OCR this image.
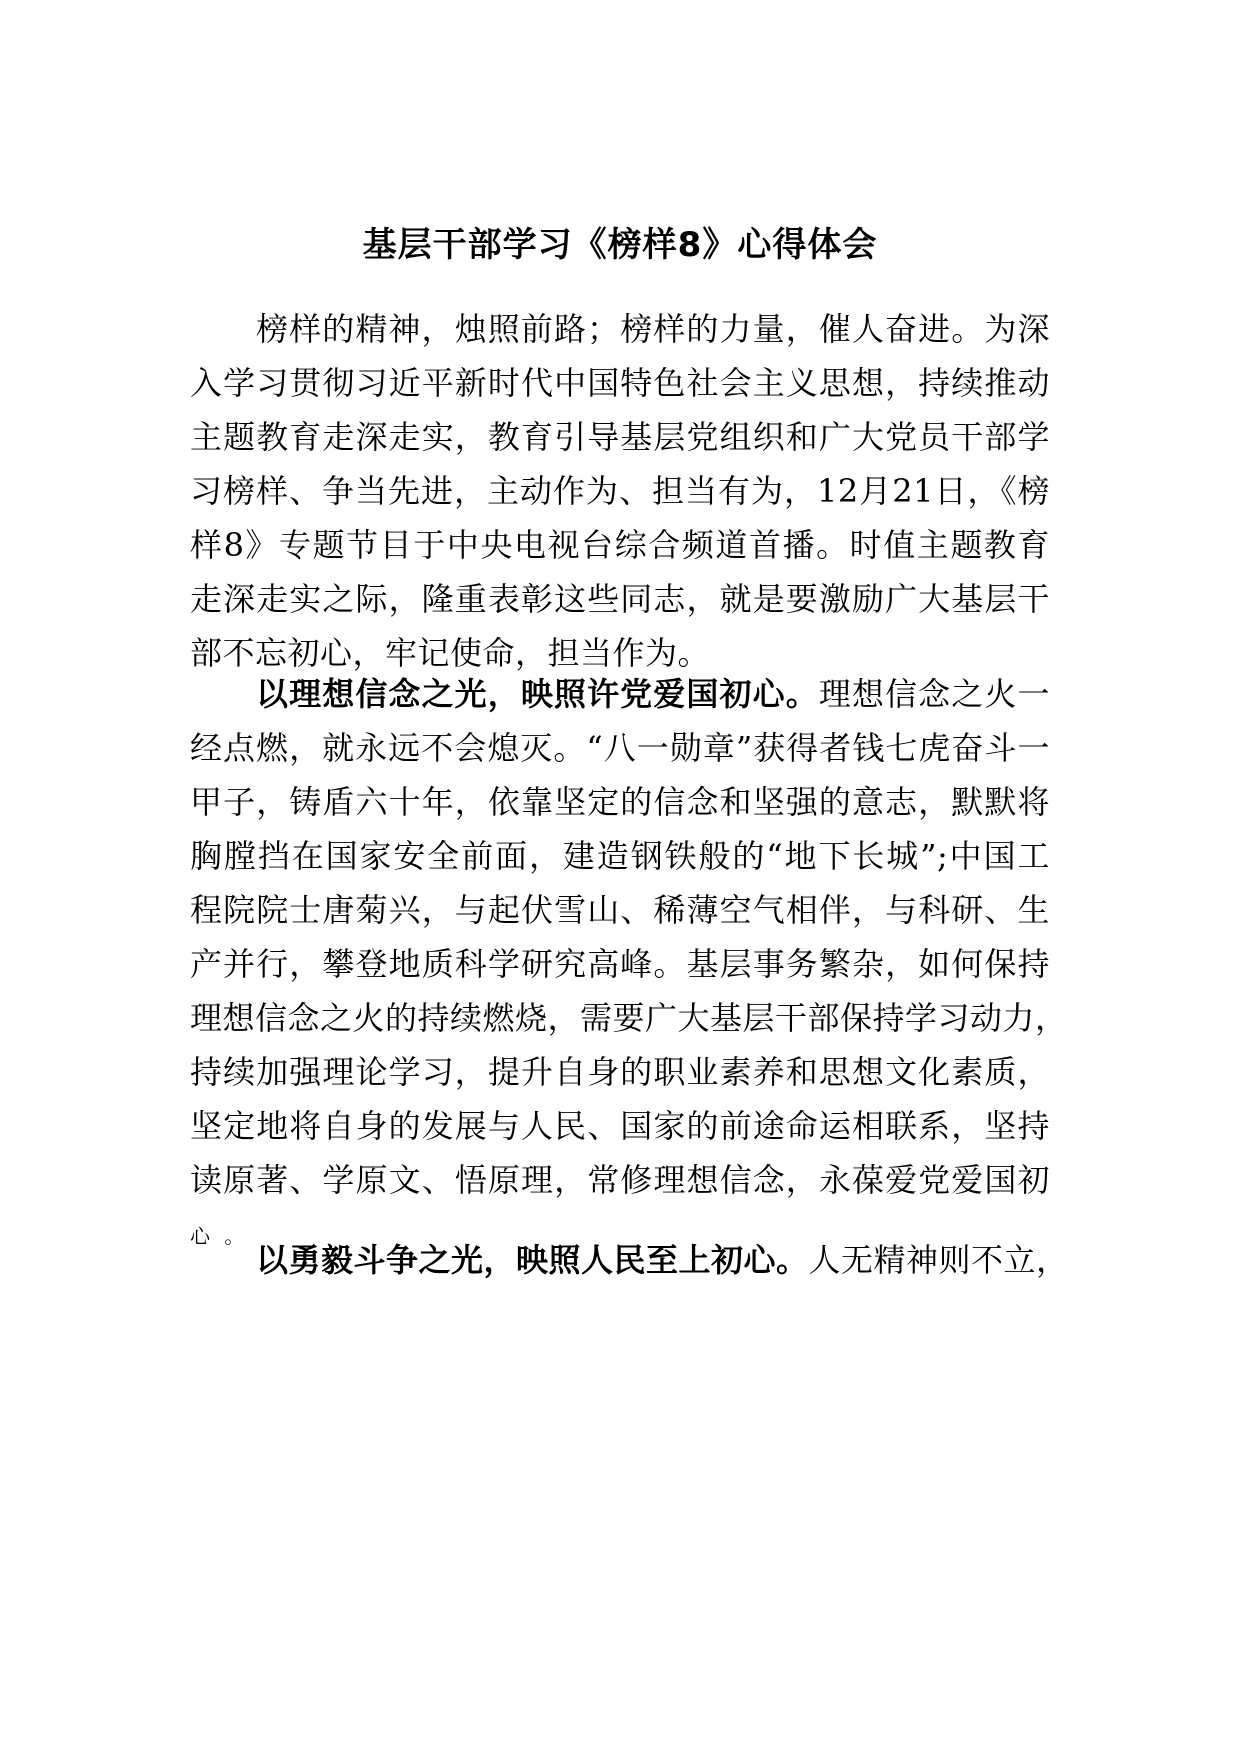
基层干部学习《榜样8》心得体会
榜样的精神，烛照前路；榜样的力量，催人奋进。为深
入学习贯彻习近平新时代中国特色社会主义思想，持续推动
主题教育走深走实，教育引导基层党组织和广大党员干部学
习榜样、争当先进，主动作为、担当有为，12月21日，《榜
样8》专题节目于中央电视台综合频道首播。时值主题教育
走深走实之际，隆重表彰这些同志，就是要激励广大基层干
部不忘初心，牢记使命，担当作为。
以理想信念之光，映照许党爱国初心。理想信念之火一
经点燃，就永远不会熄灭。“八一勋章”获得者钱七虎奋斗一
甲子，铸盾六十年，依靠坚定的信念和坚强的意志，默默将
胸膛挡在国家安全前面，建造钢铁般的“地下长城”;中国工
程院院士唐菊兴，与起伏雪山、稀薄空气相伴，与科研、生
产并行，攀登地质科学研究高峰。基层事务繁杂，如何保持
理想信念之火的持续燃烧，需要广大基层干部保持学习动力，
持续加强理论学习，提升自身的职业素养和思想文化素质，
坚定地将自身的发展与人民、国家的前途命运相联系，坚持
读原著、学原文、悟原理，常修理想信念，永葆爱党爱国初
心  。
以勇毅斗争之光，映照人民至上初心。人无精神则不立，
